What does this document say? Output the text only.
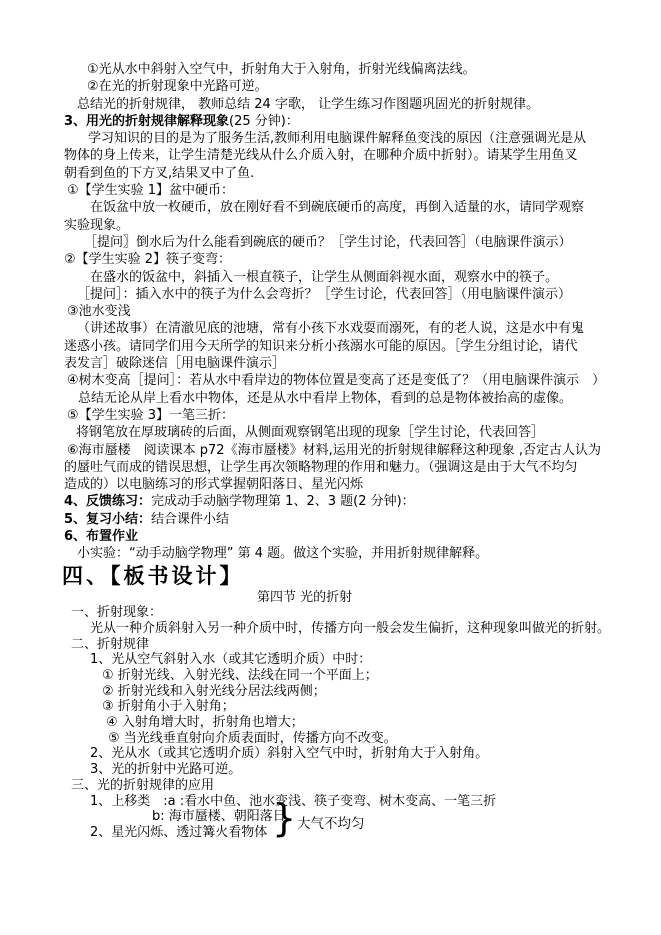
①光从水中斜射入空气中，折射角大于入射角，折射光线偏离法线。
②在光的折射现象中光路可逆。
总结光的折射规律， 教师总结 24 字歌， 让学生练习作图题巩固光的折射规律。
3、用光的折射规律解释现象(25 分钟)：
学习知识的目的是为了服务生活,教师利用电脑课件解释鱼变浅的原因（注意强调光是从
物体的身上传来，让学生清楚光线从什么介质入射，在哪种介质中折射）。请某学生用鱼叉
朝看到鱼的下方叉,结果叉中了鱼.
①【学生实验 1】盆中硬币：
在饭盆中放一枚硬币，放在刚好看不到碗底硬币的高度，再倒入适量的水，请同学观察
实验现象。
［提问〗倒水后为什么能看到碗底的硬币？［学生讨论，代表回答］（电脑课件演示）
②【学生实验 2】筷子变弯：
在盛水的饭盆中，斜插入一根直筷子，让学生从侧面斜视水面，观察水中的筷子。
［提问］：插入水中的筷子为什么会弯折？［学生讨论，代表回答］（用电脑课件演示）
③池水变浅
（讲述故事）在清澈见底的池塘，常有小孩下水戏耍而溺死，有的老人说，这是水中有鬼
迷惑小孩。请同学们用今天所学的知识来分析小孩溺水可能的原因。［学生分组讨论，请代
表发言］破除迷信［用电脑课件演示］
④树木变高［提问］：若从水中看岸边的物体位置是变高了还是变低了？（用电脑课件演示　）
总结无论从岸上看水中物体，还是从水中看岸上物体，看到的总是物体被抬高的虚像。
⑤【学生实验 3】一笔三折：
将钢笔放在厚玻璃砖的后面，从侧面观察钢笔出现的现象［学生讨论，代表回答］
⑥海市蜃楼　阅读课本 p72《海市蜃楼》材料,运用光的折射规律解释这种现象 ,否定古人认为
的蜃吐气而成的错误思想，让学生再次领略物理的作用和魅力。（强调这是由于大气不均匀
造成的）以电脑练习的形式掌握朝阳落日、星光闪烁
4、反馈练习：完成动手动脑学物理第 1、2、3 题(2 分钟)：
5、复习小结：结合课件小结
6、布置作业
小实验：“动手动脑学物理” 第 4 题。做这个实验，并用折射规律解释。
四、【板书设计】
第四节 光的折射
一、折射现象：
光从一种介质斜射入另一种介质中时，传播方向一般会发生偏折，这种现象叫做光的折射。
二、折射规律
1、光从空气斜射入水（或其它透明介质）中时：
① 折射光线、入射光线、法线在同一个平面上；
② 折射光线和入射光线分居法线两侧；
③ 折射角小于入射角；
④ 入射角增大时，折射角也增大；
⑤ 当光线垂直射向介质表面时，传播方向不改变。
2、光从水（或其它透明介质）斜射入空气中时，折射角大于入射角。
3、光的折射中光路可逆。
三、光的折射规律的应用
1、上移类　:a :看水中鱼、池水变浅、筷子变弯、树木变高、一笔三折
b: 海市蜃楼、朝阳落日
2、星光闪烁、透过篝火看物体 } 大气不均匀
